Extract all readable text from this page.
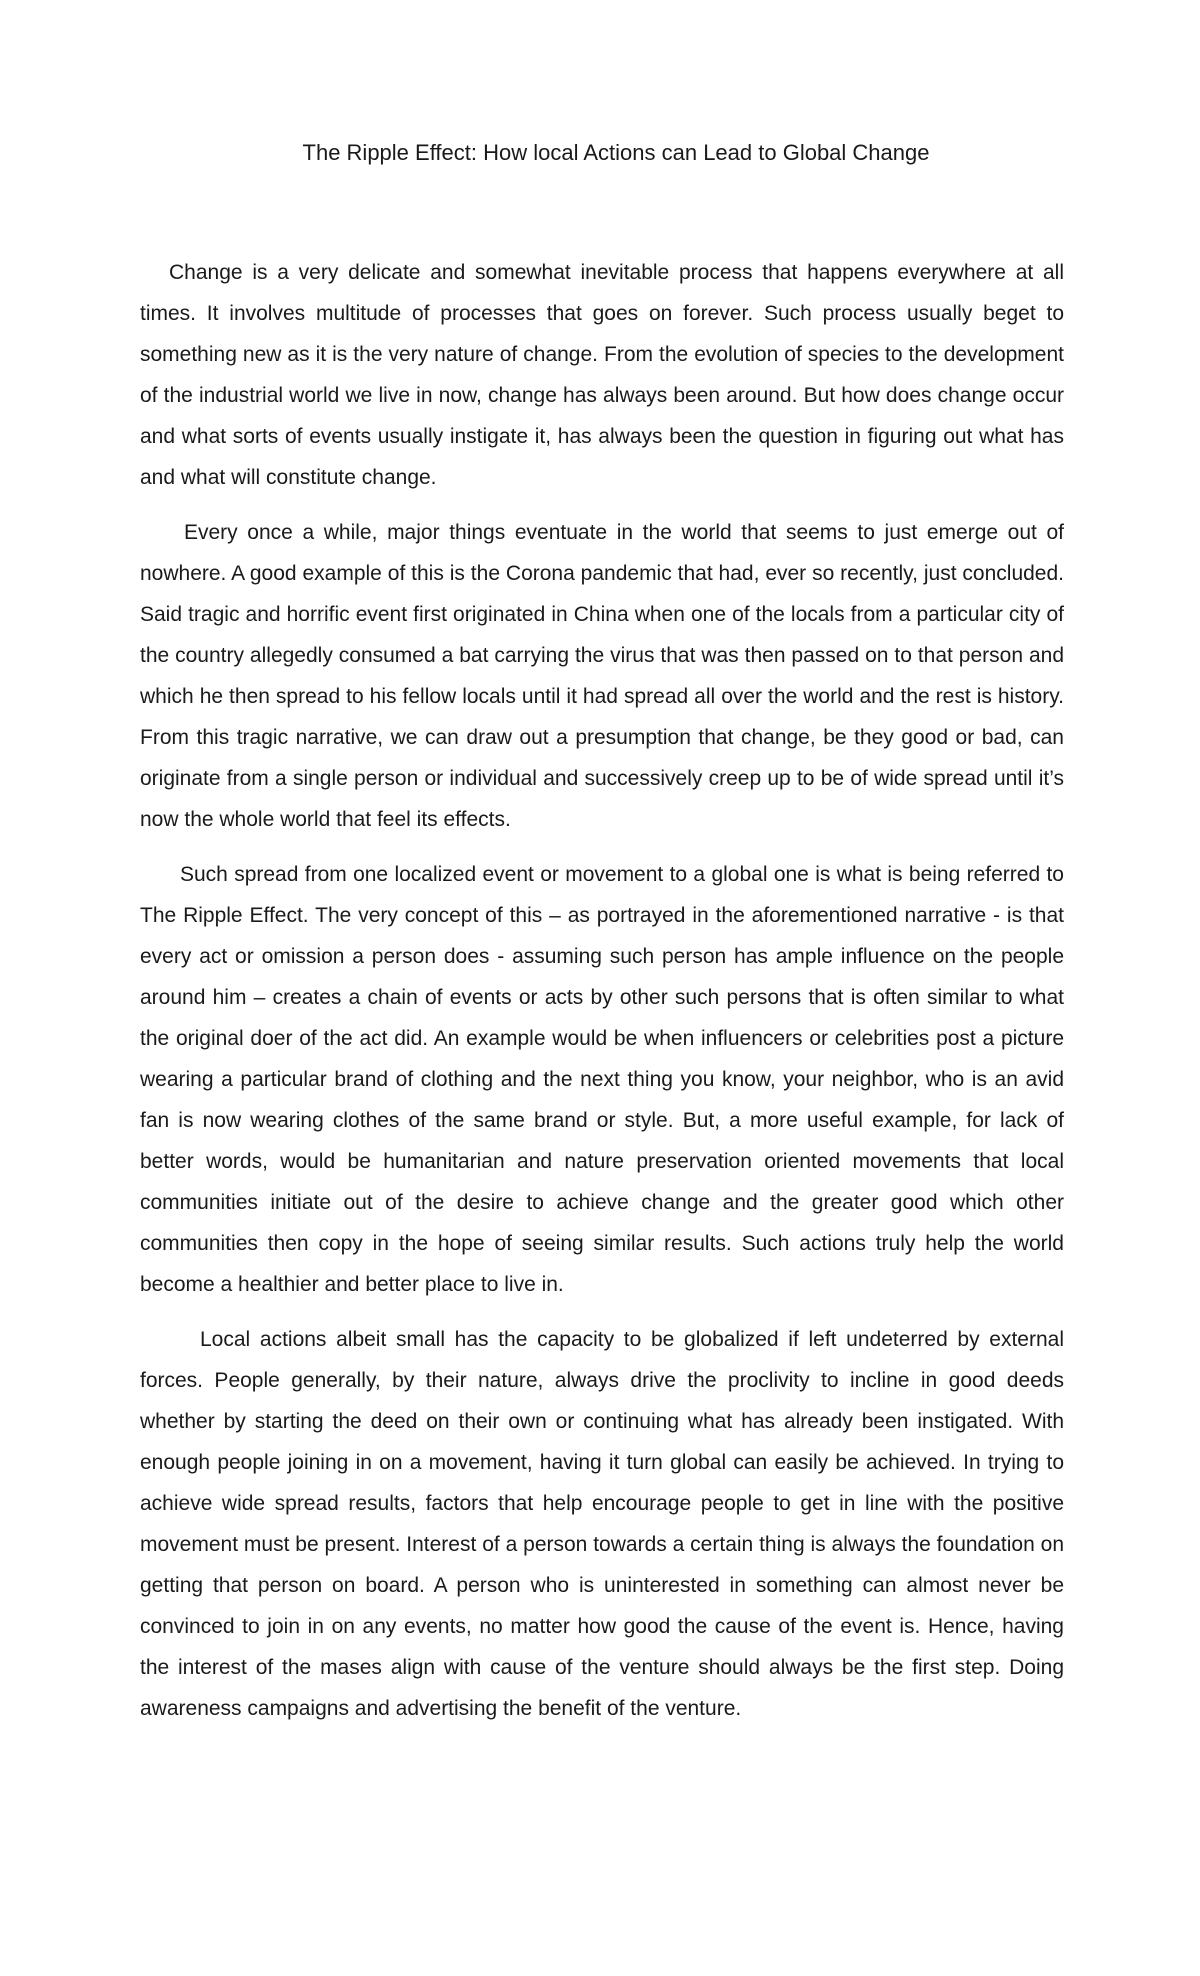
The Ripple Effect: How local Actions can Lead to Global Change

Change is a very delicate and somewhat inevitable process that happens everywhere at all times. It involves multitude of processes that goes on forever. Such process usually beget to something new as it is the very nature of change. From the evolution of species to the development of the industrial world we live in now, change has always been around. But how does change occur and what sorts of events usually instigate it, has always been the question in figuring out what has and what will constitute change.

Every once a while, major things eventuate in the world that seems to just emerge out of nowhere. A good example of this is the Corona pandemic that had, ever so recently, just concluded. Said tragic and horrific event first originated in China when one of the locals from a particular city of the country allegedly consumed a bat carrying the virus that was then passed on to that person and which he then spread to his fellow locals until it had spread all over the world and the rest is history. From this tragic narrative, we can draw out a presumption that change, be they good or bad, can originate from a single person or individual and successively creep up to be of wide spread until it’s now the whole world that feel its effects.

Such spread from one localized event or movement to a global one is what is being referred to The Ripple Effect. The very concept of this – as portrayed in the aforementioned narrative - is that every act or omission a person does - assuming such person has ample influence on the people around him – creates a chain of events or acts by other such persons that is often similar to what the original doer of the act did. An example would be when influencers or celebrities post a picture wearing a particular brand of clothing and the next thing you know, your neighbor, who is an avid fan is now wearing clothes of the same brand or style. But, a more useful example, for lack of better words, would be humanitarian and nature preservation oriented movements that local communities initiate out of the desire to achieve change and the greater good which other communities then copy in the hope of seeing similar results. Such actions truly help the world become a healthier and better place to live in.

Local actions albeit small has the capacity to be globalized if left undeterred by external forces. People generally, by their nature, always drive the proclivity to incline in good deeds whether by starting the deed on their own or continuing what has already been instigated. With enough people joining in on a movement, having it turn global can easily be achieved. In trying to achieve wide spread results, factors that help encourage people to get in line with the positive movement must be present. Interest of a person towards a certain thing is always the foundation on getting that person on board. A person who is uninterested in something can almost never be convinced to join in on any events, no matter how good the cause of the event is. Hence, having the interest of the mases align with cause of the venture should always be the first step. Doing awareness campaigns and advertising the benefit of the venture.
